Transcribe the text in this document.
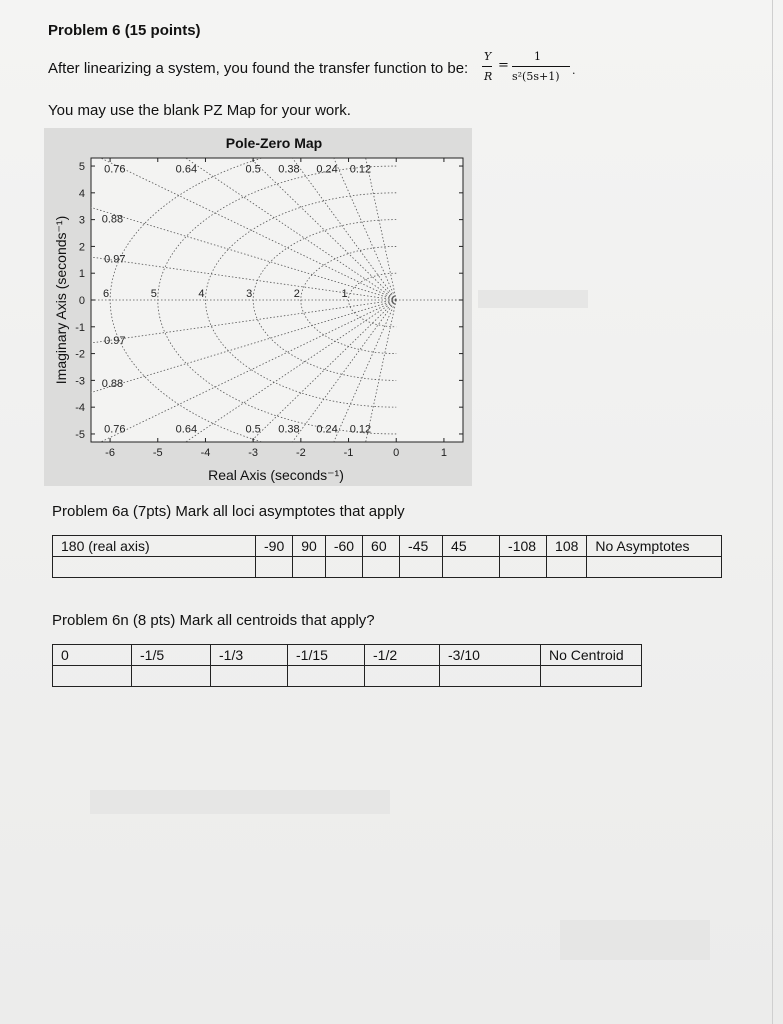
Problem 6 (15 points)
After linearizing a system, you found the transfer function to be:
Y
R
=
1
s²(5s+1) .
You may use the blank PZ Map for your work.
Pole-Zero Map
-6	-5	-4	-3	-2	-1	0	1
5
4
3
2
1
0
-1
-2
-3
-4
-5
0.76	0.64	0.5 0.38 0.24 0.12
0.76	0.64	0.5 0.38 0.24 0.12
0.88
0.97
0.97
0.88
6	5	4	3	2	1
Real Axis (seconds⁻¹)
Imaginary Axis (seconds⁻¹)
Problem 6a (7pts) Mark all loci asymptotes that apply
180 (real axis)	-90	90	-60	60	-45	45	-108	108	No Asymptotes

Problem 6n (8 pts) Mark all centroids that apply?
0	-1/5	-1/3	-1/15	-1/2	-3/10	No Centroid
